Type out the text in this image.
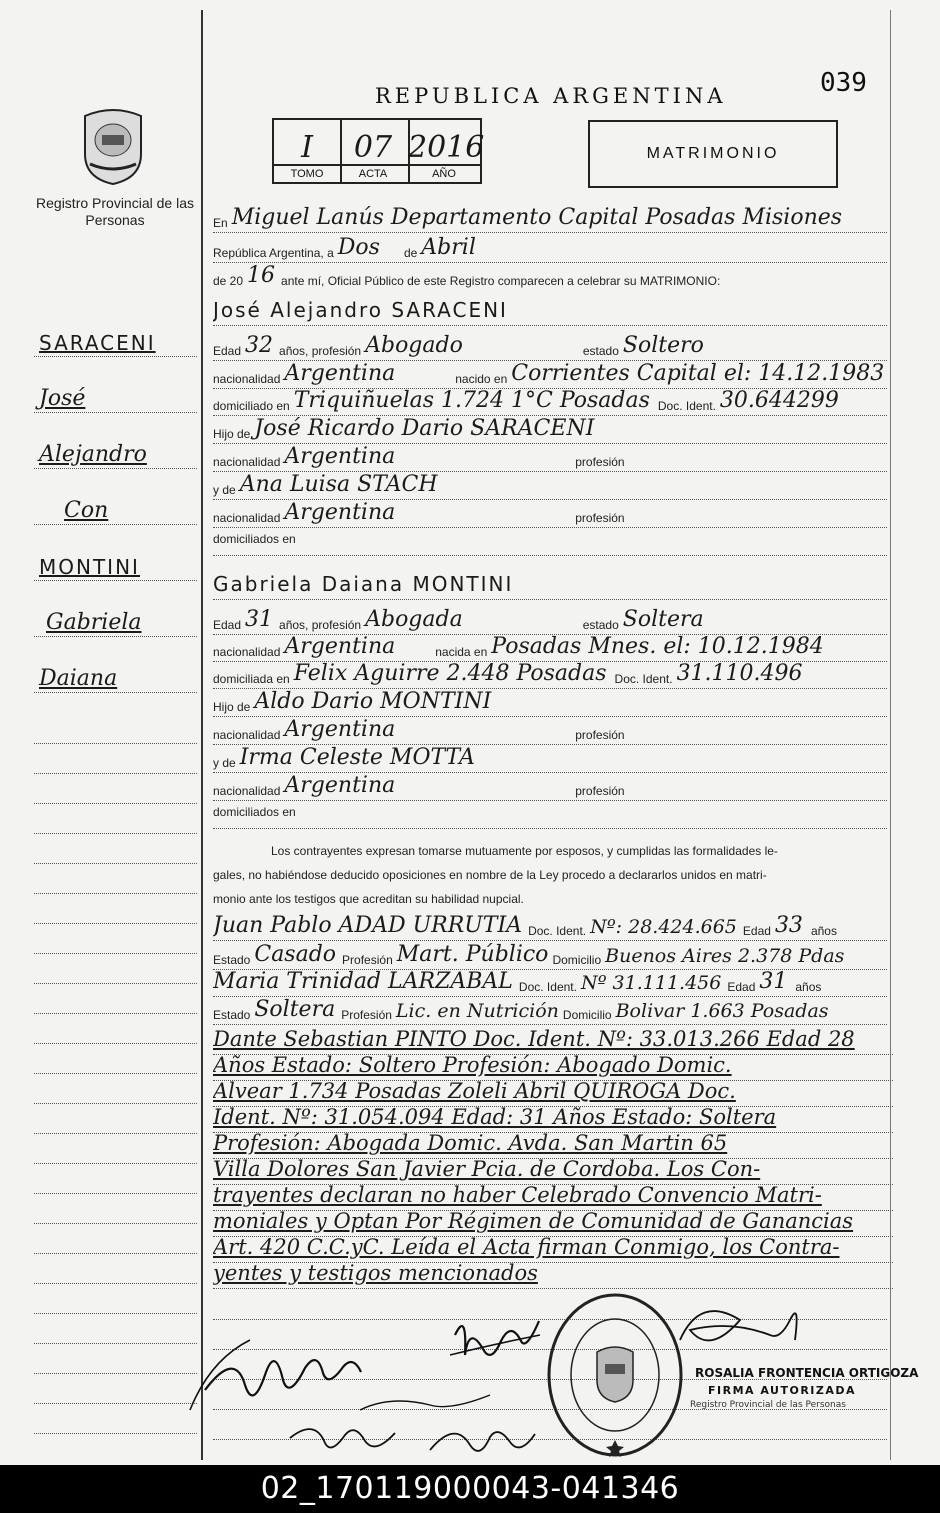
Registro Provincial de las Personas
REPUBLICA ARGENTINA	039
I
TOMO
07
ACTA
2016
AÑO
MATRIMONIO
En Miguel Lanús Departamento Capital Posadas Misiones
República Argentina, a Dos de Abril
de 20 16 ante mí, Oficial Público de este Registro comparecen a celebrar su MATRIMONIO:
José Alejandro SARACENI
Edad 32 años, profesión Abogado	estado Soltero
nacionalidad Argentina	nacido en Corrientes Capital el: 14.12.1983
domiciliado en Triquiñuelas 1.724 1°C Posadas Doc. Ident. 30.644299
Hijo de José Ricardo Dario SARACENI
nacionalidad Argentina	profesión
y de Ana Luisa STACH
nacionalidad Argentina	profesión
domiciliados en
Gabriela Daiana MONTINI
Edad 31 años, profesión Abogada	estado Soltera
nacionalidad Argentina	nacida en Posadas Mnes. el: 10.12.1984
domiciliada en Felix Aguirre 2.448 Posadas Doc. Ident. 31.110.496
Hijo de Aldo Dario MONTINI
nacionalidad Argentina	profesión
y de Irma Celeste MOTTA
nacionalidad Argentina	profesión
domiciliados en
Los contrayentes expresan tomarse mutuamente por esposos, y cumplidas las formalidades le-
gales, no habiéndose deducido oposiciones en nombre de la Ley procedo a declararlos unidos en matri-
monio ante los testigos que acreditan su habilidad nupcial.
Juan Pablo ADAD URRUTIA Doc. Ident. Nº: 28.424.665 Edad 33 años
Estado Casado Profesión Mart. Público Domicilio Buenos Aires 2.378 Pdas
Maria Trinidad LARZABAL Doc. Ident. Nº 31.111.456 Edad 31 años
Estado Soltera Profesión Lic. en Nutrición Domicilio Bolivar 1.663 Posadas
Dante Sebastian PINTO Doc. Ident. Nº: 33.013.266 Edad 28
Años Estado: Soltero Profesión: Abogado Domic.
Alvear 1.734 Posadas Zoleli Abril QUIROGA Doc.
Ident. Nº: 31.054.094 Edad: 31 Años Estado: Soltera
Profesión: Abogada Domic. Avda. San Martin 65
Villa Dolores San Javier Pcia. de Cordoba. Los Con-
trayentes declaran no haber Celebrado Convencio Matri-
moniales y Optan Por Régimen de Comunidad de Ganancias
Art. 420 C.C.yC. Leída el Acta firman Conmigo, los Contra-
yentes y testigos mencionados
SARACENI
José
Alejandro
Con
MONTINI
Gabriela
Daiana
ROSALIA FRONTENCIA ORTIGOZA
FIRMA AUTORIZADA
Registro Provincial de las Personas
02_170119000043-041346
